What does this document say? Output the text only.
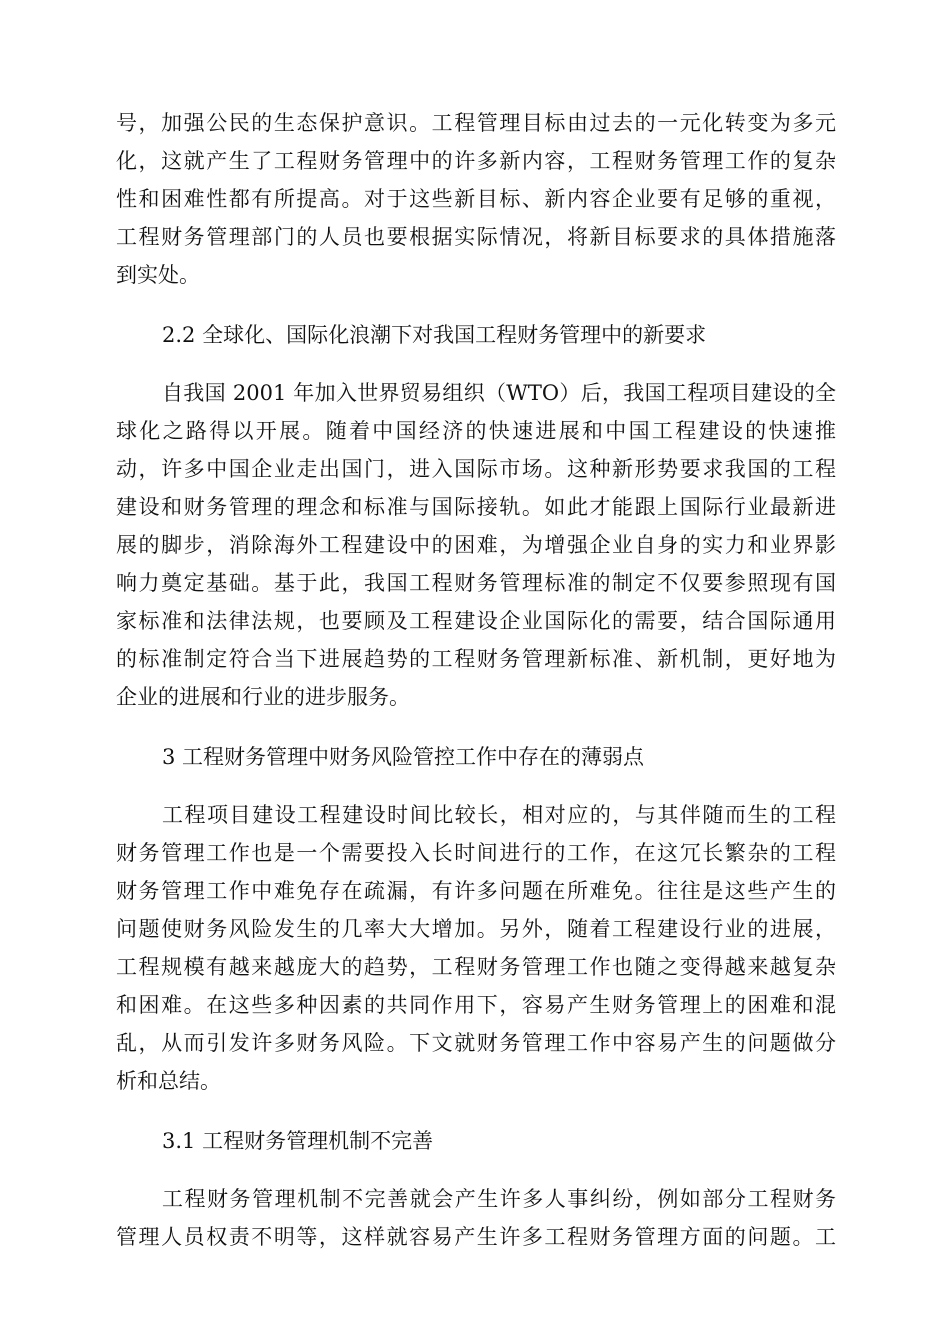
号，加强公民的生态保护意识。工程管理目标由过去的一元化转变为多元
化，这就产生了工程财务管理中的许多新内容，工程财务管理工作的复杂
性和困难性都有所提高。对于这些新目标、新内容企业要有足够的重视，
工程财务管理部门的人员也要根据实际情况，将新目标要求的具体措施落
到实处。
2.2 全球化、国际化浪潮下对我国工程财务管理中的新要求
自我国 2001 年加入世界贸易组织（WTO）后，我国工程项目建设的全
球化之路得以开展。随着中国经济的快速进展和中国工程建设的快速推
动，许多中国企业走出国门，进入国际市场。这种新形势要求我国的工程
建设和财务管理的理念和标准与国际接轨。如此才能跟上国际行业最新进
展的脚步，消除海外工程建设中的困难，为增强企业自身的实力和业界影
响力奠定基础。基于此，我国工程财务管理标准的制定不仅要参照现有国
家标准和法律法规，也要顾及工程建设企业国际化的需要，结合国际通用
的标准制定符合当下进展趋势的工程财务管理新标准、新机制，更好地为
企业的进展和行业的进步服务。
3 工程财务管理中财务风险管控工作中存在的薄弱点
工程项目建设工程建设时间比较长，相对应的，与其伴随而生的工程
财务管理工作也是一个需要投入长时间进行的工作，在这冗长繁杂的工程
财务管理工作中难免存在疏漏，有许多问题在所难免。往往是这些产生的
问题使财务风险发生的几率大大增加。另外，随着工程建设行业的进展，
工程规模有越来越庞大的趋势，工程财务管理工作也随之变得越来越复杂
和困难。在这些多种因素的共同作用下，容易产生财务管理上的困难和混
乱，从而引发许多财务风险。下文就财务管理工作中容易产生的问题做分
析和总结。
3.1 工程财务管理机制不完善
工程财务管理机制不完善就会产生许多人事纠纷，例如部分工程财务
管理人员权责不明等，这样就容易产生许多工程财务管理方面的问题。工
